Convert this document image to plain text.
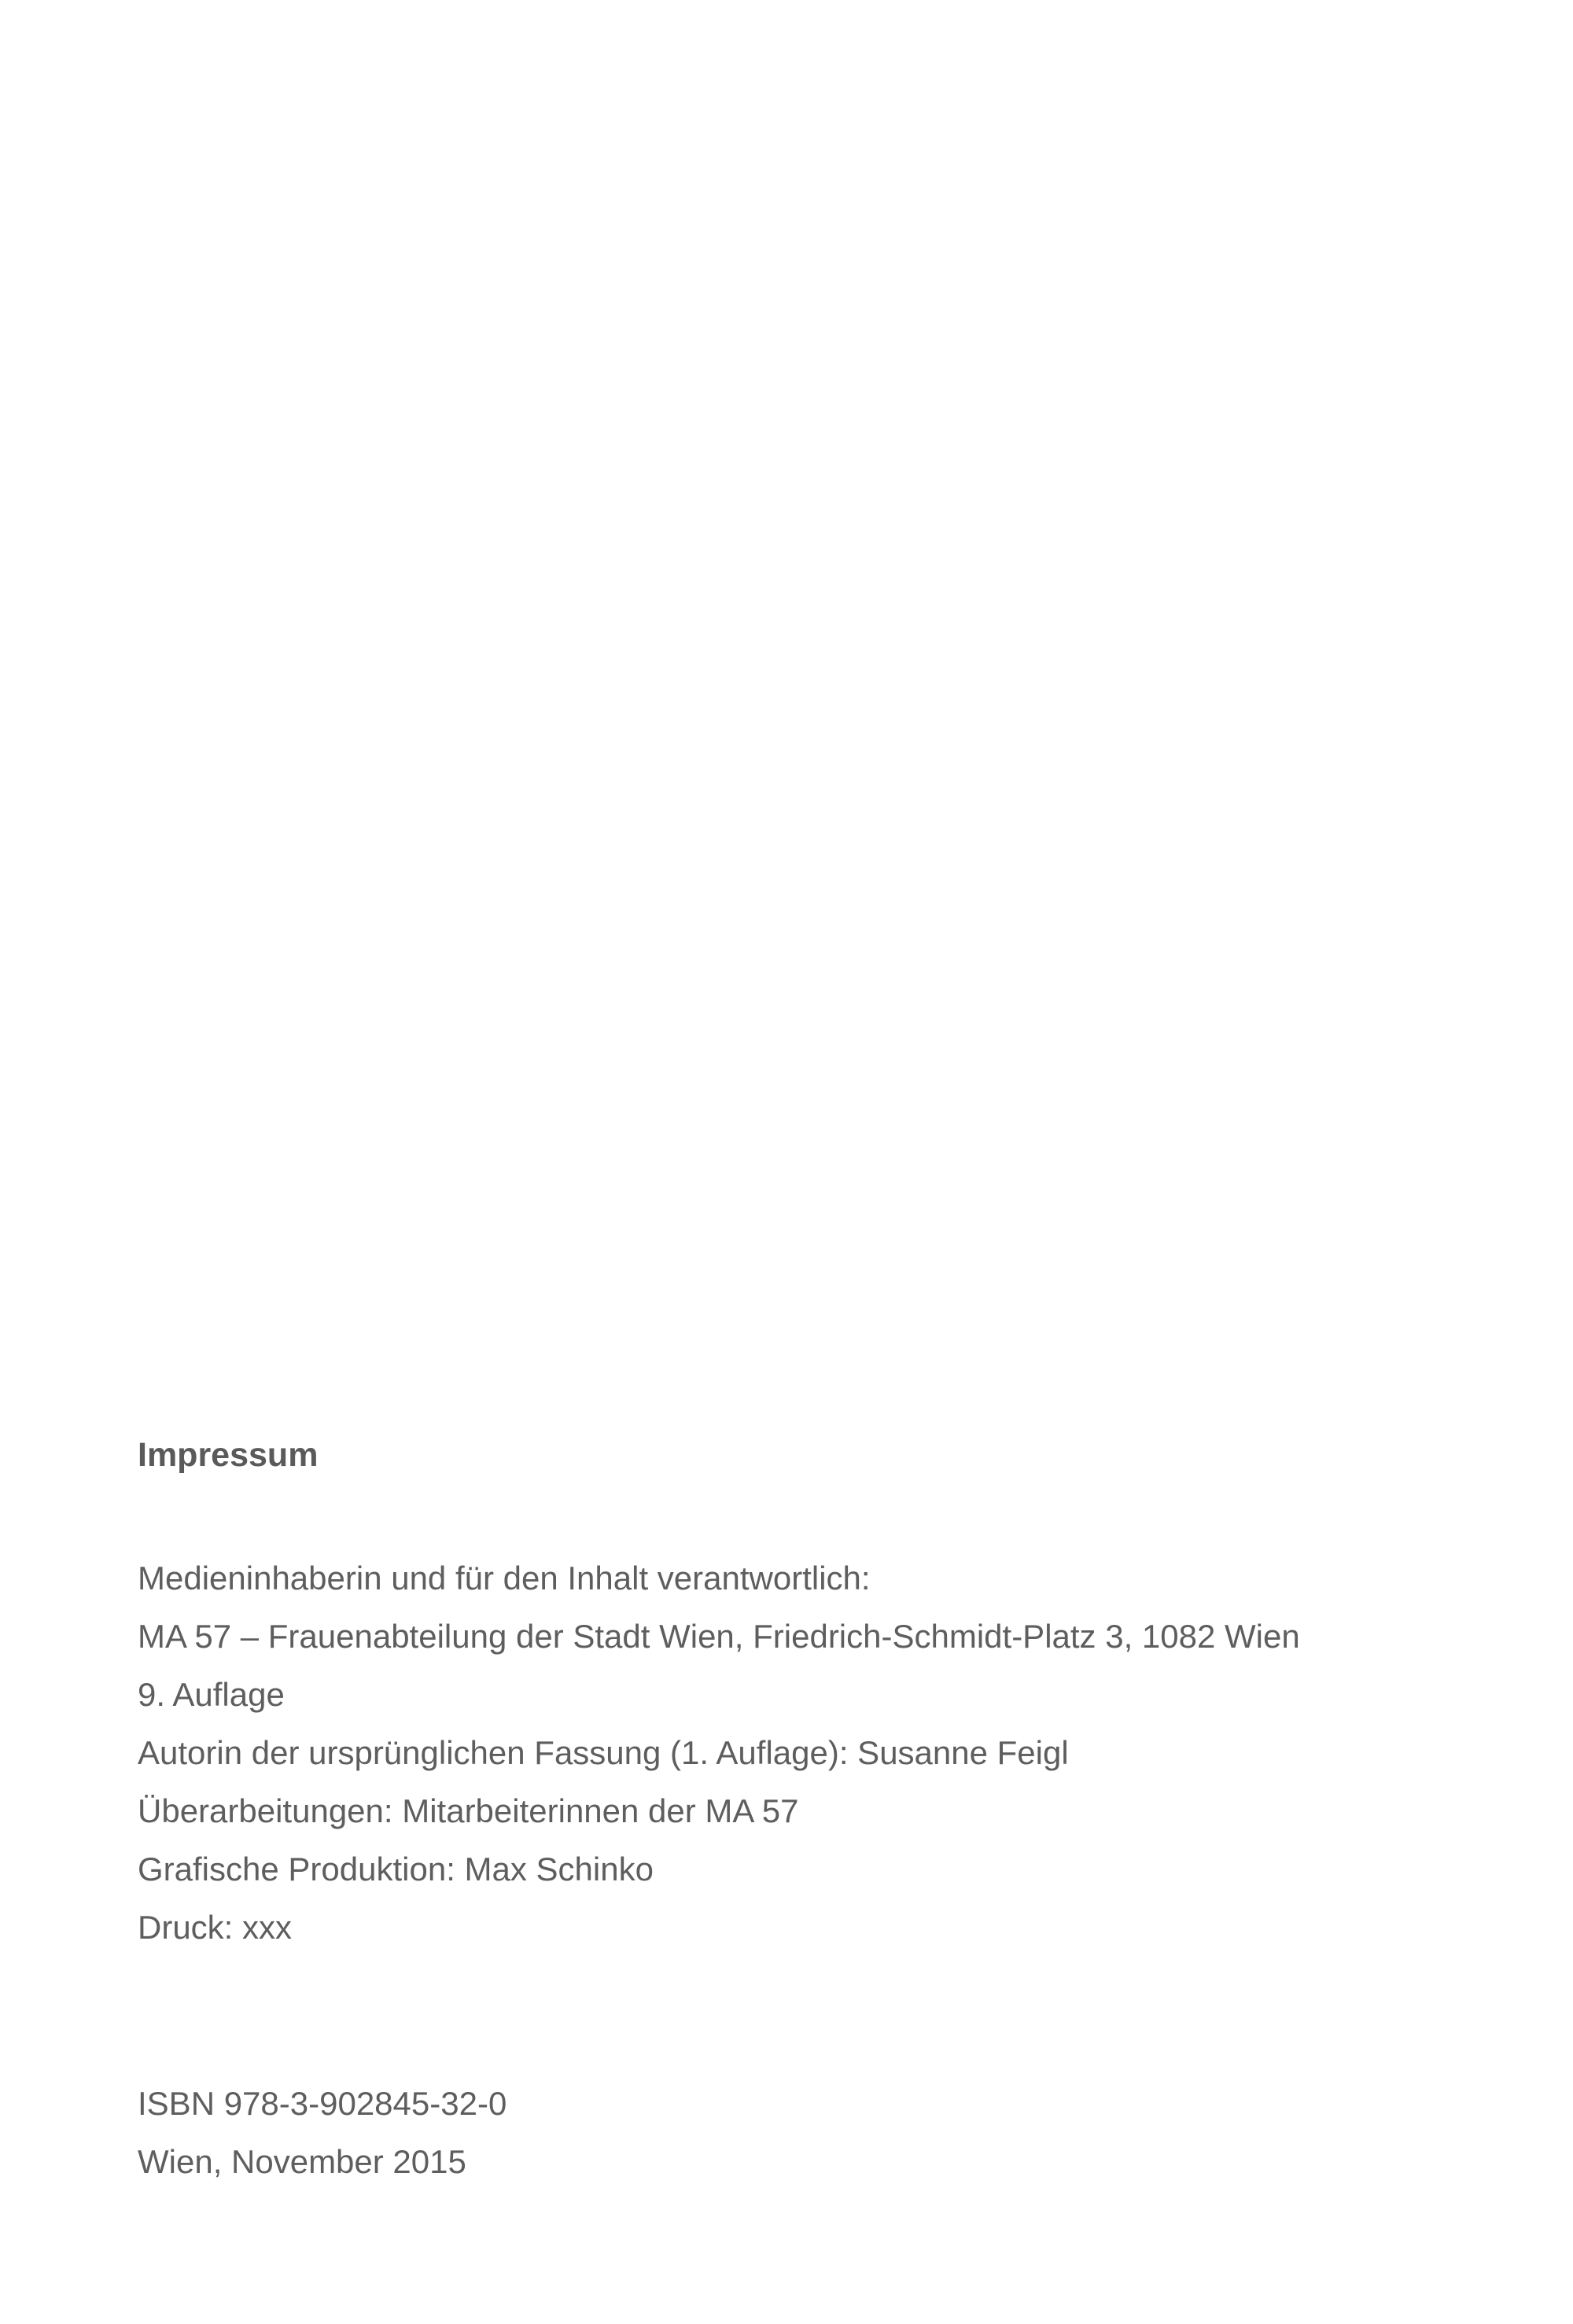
Impressum

Medieninhaberin und für den Inhalt verantwortlich:

MA 57 – Frauenabteilung der Stadt Wien, Friedrich-Schmidt-Platz 3, 1082 Wien

9. Auflage

Autorin der ursprünglichen Fassung (1. Auflage): Susanne Feigl

Überarbeitungen: Mitarbeiterinnen der MA 57

Grafische Produktion: Max Schinko

Druck: xxx

ISBN 978-3-902845-32-0

Wien, November 2015
